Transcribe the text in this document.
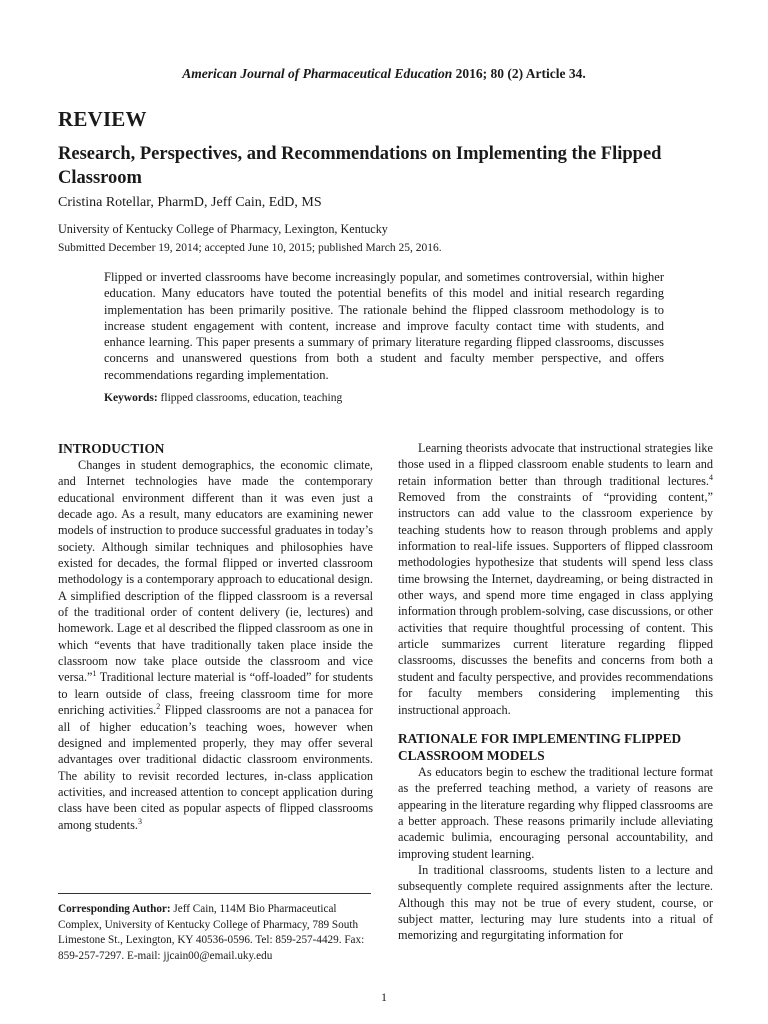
American Journal of Pharmaceutical Education 2016; 80 (2) Article 34.
REVIEW
Research, Perspectives, and Recommendations on Implementing the Flipped Classroom
Cristina Rotellar, PharmD, Jeff Cain, EdD, MS
University of Kentucky College of Pharmacy, Lexington, Kentucky
Submitted December 19, 2014; accepted June 10, 2015; published March 25, 2016.
Flipped or inverted classrooms have become increasingly popular, and sometimes controversial, within higher education. Many educators have touted the potential benefits of this model and initial research regarding implementation has been primarily positive. The rationale behind the flipped classroom methodology is to increase student engagement with content, increase and improve faculty contact time with students, and enhance learning. This paper presents a summary of primary literature regarding flipped classrooms, discusses concerns and unanswered questions from both a student and faculty member perspective, and offers recommendations regarding implementation.
Keywords: flipped classrooms, education, teaching
INTRODUCTION

Changes in student demographics, the economic climate, and Internet technologies have made the contemporary educational environment different than it was even just a decade ago. As a result, many educators are examining newer models of instruction to produce successful graduates in today’s society. Although similar techniques and philosophies have existed for decades, the formal flipped or inverted classroom methodology is a contemporary approach to educational design. A simplified description of the flipped classroom is a reversal of the traditional order of content delivery (ie, lectures) and homework. Lage et al described the flipped classroom as one in which “events that have traditionally taken place inside the classroom now take place outside the classroom and vice versa.”$^1$ Traditional lecture material is “off-loaded” for students to learn outside of class, freeing classroom time for more enriching activities.$^2$ Flipped classrooms are not a panacea for all of higher education’s teaching woes, however when designed and implemented properly, they may offer several advantages over traditional didactic classroom environments. The ability to revisit recorded lectures, in-class application activities, and increased attention to concept application during class have been cited as popular aspects of flipped classrooms among students.$^3$

Corresponding Author: Jeff Cain, 114M Bio Pharmaceutical Complex, University of Kentucky College of Pharmacy, 789 South Limestone St., Lexington, KY 40536-0596. Tel: 859-257-4429. Fax: 859-257-7297. E-mail: jjcain00@email.uky.edu

Learning theorists advocate that instructional strategies like those used in a flipped classroom enable students to learn and retain information better than through traditional lectures.$^4$ Removed from the constraints of “providing content,” instructors can add value to the classroom experience by teaching students how to reason through problems and apply information to real-life issues. Supporters of flipped classroom methodologies hypothesize that students will spend less class time browsing the Internet, daydreaming, or being distracted in other ways, and spend more time engaged in class applying information through problem-solving, case discussions, or other activities that require thoughtful processing of content. This article summarizes current literature regarding flipped classrooms, discusses the benefits and concerns from both a student and faculty perspective, and provides recommendations for faculty members considering implementing this instructional approach.

RATIONALE FOR IMPLEMENTING FLIPPED CLASSROOM MODELS

As educators begin to eschew the traditional lecture format as the preferred teaching method, a variety of reasons are appearing in the literature regarding why flipped classrooms are a better approach. These reasons primarily include alleviating academic bulimia, encouraging personal accountability, and improving student learning.

In traditional classrooms, students listen to a lecture and subsequently complete required assignments after the lecture. Although this may not be true of every student, course, or subject matter, lecturing may lure students into a ritual of memorizing and regurgitating information for

1
